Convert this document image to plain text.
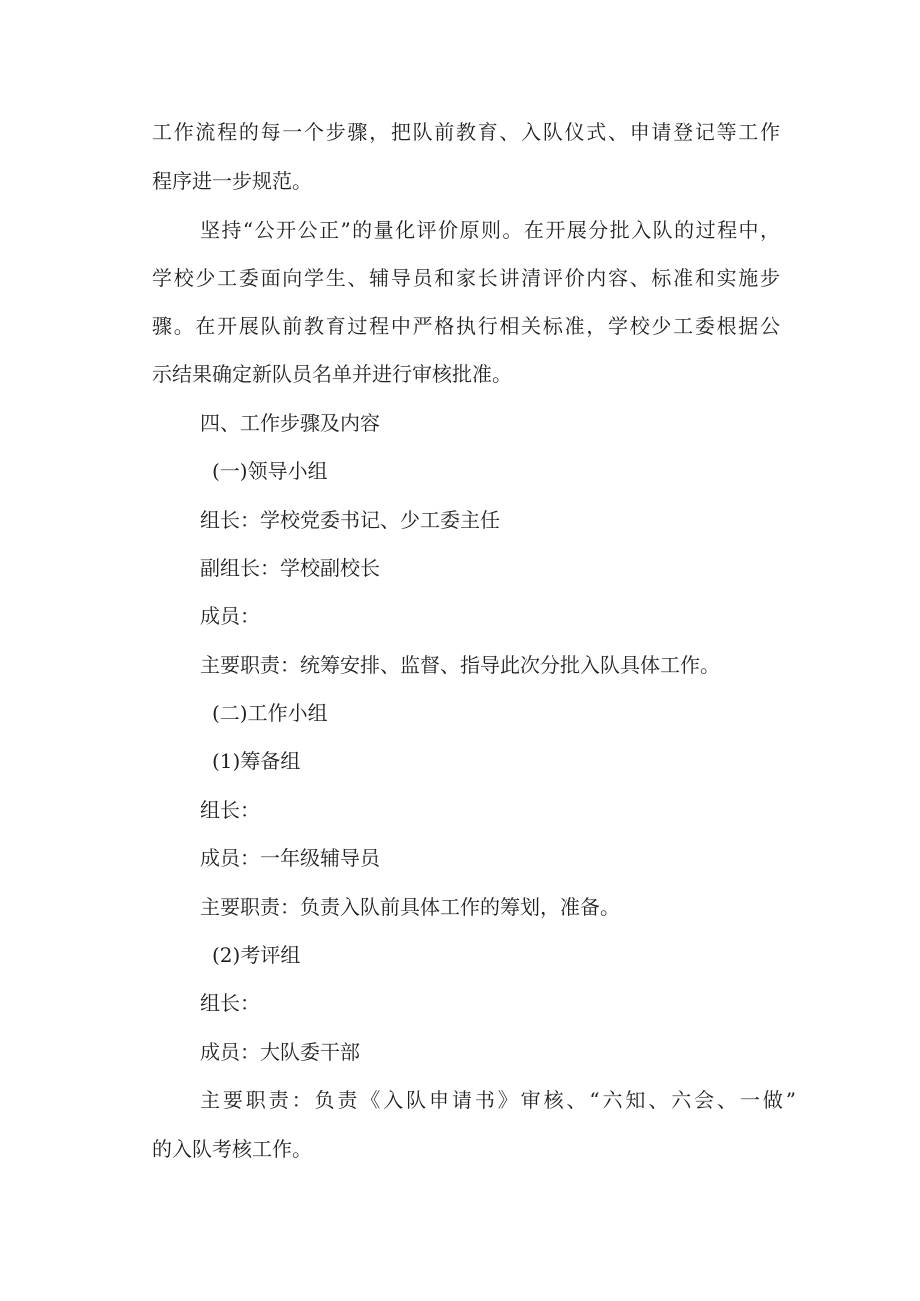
工作流程的每一个步骤，把队前教育、入队仪式、申请登记等工作
程序进一步规范。
坚持“公开公正”的量化评价原则。在开展分批入队的过程中，
学校少工委面向学生、辅导员和家长讲清评价内容、标准和实施步
骤。在开展队前教育过程中严格执行相关标准，学校少工委根据公
示结果确定新队员名单并进行审核批准。
四、工作步骤及内容
(一)领导小组
组长：学校党委书记、少工委主任
副组长：学校副校长
成员：
主要职责：统筹安排、监督、指导此次分批入队具体工作。
(二)工作小组
(1)筹备组
组长：
成员：一年级辅导员
主要职责：负责入队前具体工作的筹划，准备。
(2)考评组
组长：
成员：大队委干部
主要职责：负责《入队申请书》审核、“六知、六会、一做”
的入队考核工作。
